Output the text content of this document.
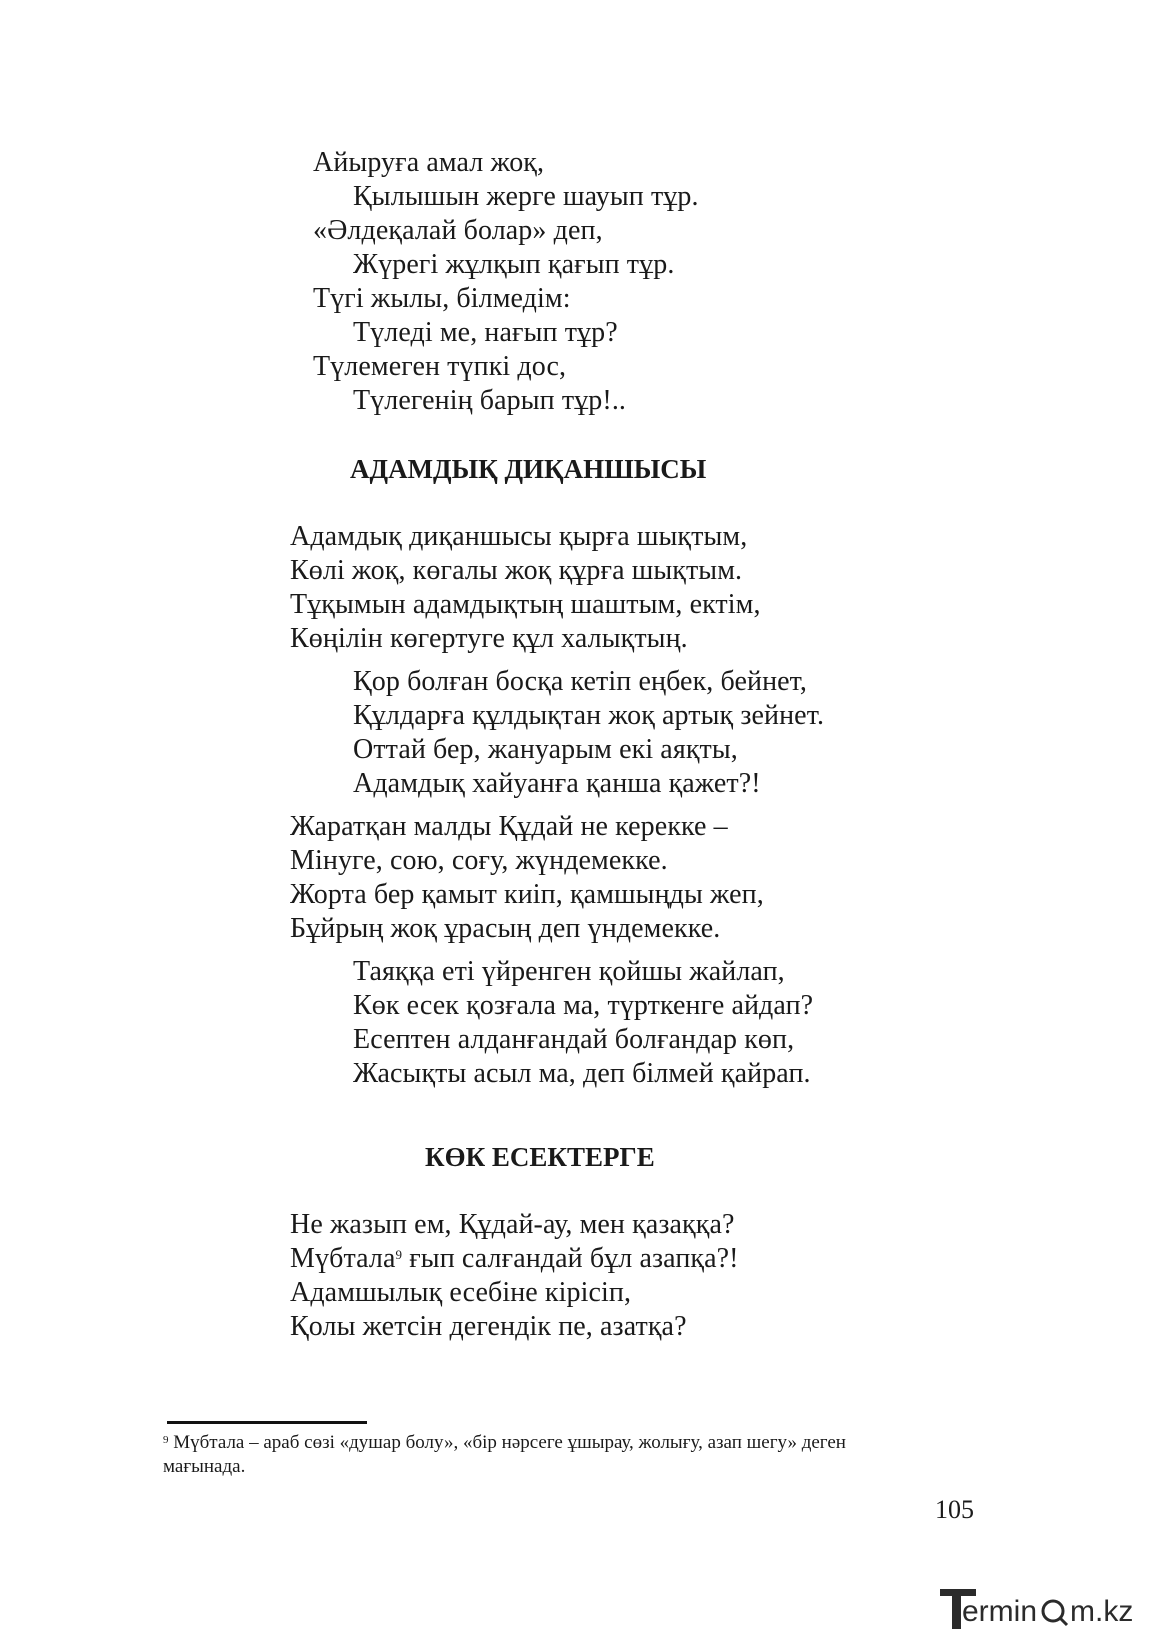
Айыруға амал жоқ,
Қылышын жерге шауып тұр.
«Әлдеқалай болар» деп,
Жүрегі жұлқып қағып тұр.
Түгі жылы, білмедім:
Түледі ме, нағып тұр?
Түлемеген түпкі дос,
Түлегенің барып тұр!..
АДАМДЫҚ ДИҚАНШЫСЫ
Адамдық диқаншысы қырға шықтым,
Көлі жоқ, көгалы жоқ құрға шықтым.
Тұқымын адамдықтың шаштым, ектім,
Көңілін көгертуге құл халықтың.
Қор болған босқа кетіп еңбек, бейнет,
Құлдарға құлдықтан жоқ артық зейнет.
Оттай бер, жануарым екі аяқты,
Адамдық хайуанға қанша қажет?!
Жаратқан малды Құдай не керекке –
Мінуге, сою, соғу, жүндемекке.
Жорта бер қамыт киіп, қамшыңды жеп,
Бұйрың жоқ ұрасың деп үндемекке.
Таяққа еті үйренген қойшы жайлап,
Көк есек қозғала ма, түрткенге айдап?
Есептен алданғандай болғандар көп,
Жасықты асыл ма, деп білмей қайрап.
КӨК ЕСЕКТЕРГЕ
Не жазып ем, Құдай-ау, мен қазаққа?
Мүбтала$^9$ ғып салғандай бұл азапқа?!
Адамшылық есебіне кірісіп,
Қолы жетсін дегендік пе, азатқа?
$^9$ Мүбтала – араб сөзі «душар болу», «бір нәрсеге ұшырау, жолығу, азап шегу» деген
мағынада.
105
ermin m.kz
